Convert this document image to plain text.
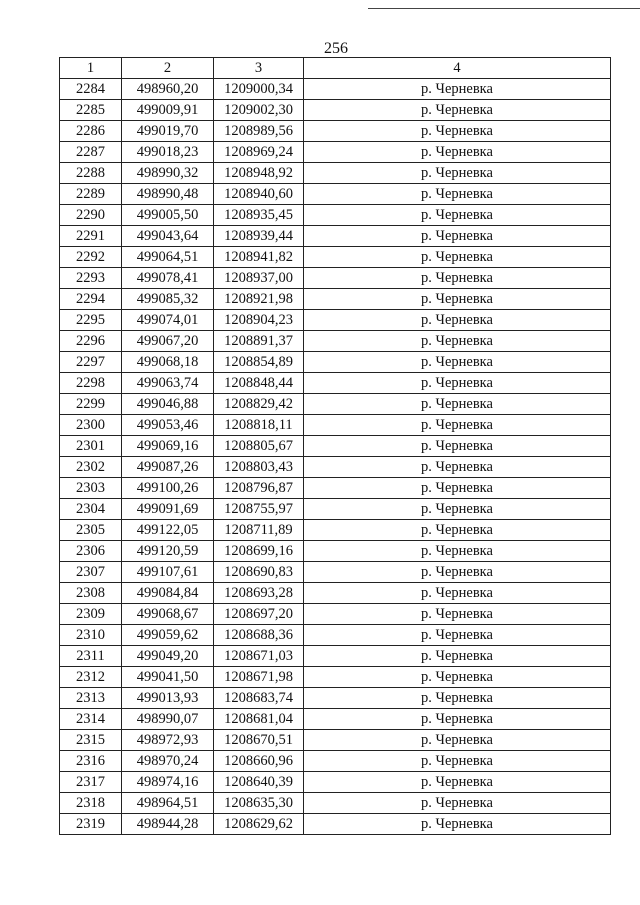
256
1	2	3	4
2284	498960,20	1209000,34	р. Черневка
2285	499009,91	1209002,30	р. Черневка
2286	499019,70	1208989,56	р. Черневка
2287	499018,23	1208969,24	р. Черневка
2288	498990,32	1208948,92	р. Черневка
2289	498990,48	1208940,60	р. Черневка
2290	499005,50	1208935,45	р. Черневка
2291	499043,64	1208939,44	р. Черневка
2292	499064,51	1208941,82	р. Черневка
2293	499078,41	1208937,00	р. Черневка
2294	499085,32	1208921,98	р. Черневка
2295	499074,01	1208904,23	р. Черневка
2296	499067,20	1208891,37	р. Черневка
2297	499068,18	1208854,89	р. Черневка
2298	499063,74	1208848,44	р. Черневка
2299	499046,88	1208829,42	р. Черневка
2300	499053,46	1208818,11	р. Черневка
2301	499069,16	1208805,67	р. Черневка
2302	499087,26	1208803,43	р. Черневка
2303	499100,26	1208796,87	р. Черневка
2304	499091,69	1208755,97	р. Черневка
2305	499122,05	1208711,89	р. Черневка
2306	499120,59	1208699,16	р. Черневка
2307	499107,61	1208690,83	р. Черневка
2308	499084,84	1208693,28	р. Черневка
2309	499068,67	1208697,20	р. Черневка
2310	499059,62	1208688,36	р. Черневка
2311	499049,20	1208671,03	р. Черневка
2312	499041,50	1208671,98	р. Черневка
2313	499013,93	1208683,74	р. Черневка
2314	498990,07	1208681,04	р. Черневка
2315	498972,93	1208670,51	р. Черневка
2316	498970,24	1208660,96	р. Черневка
2317	498974,16	1208640,39	р. Черневка
2318	498964,51	1208635,30	р. Черневка
2319	498944,28	1208629,62	р. Черневка
